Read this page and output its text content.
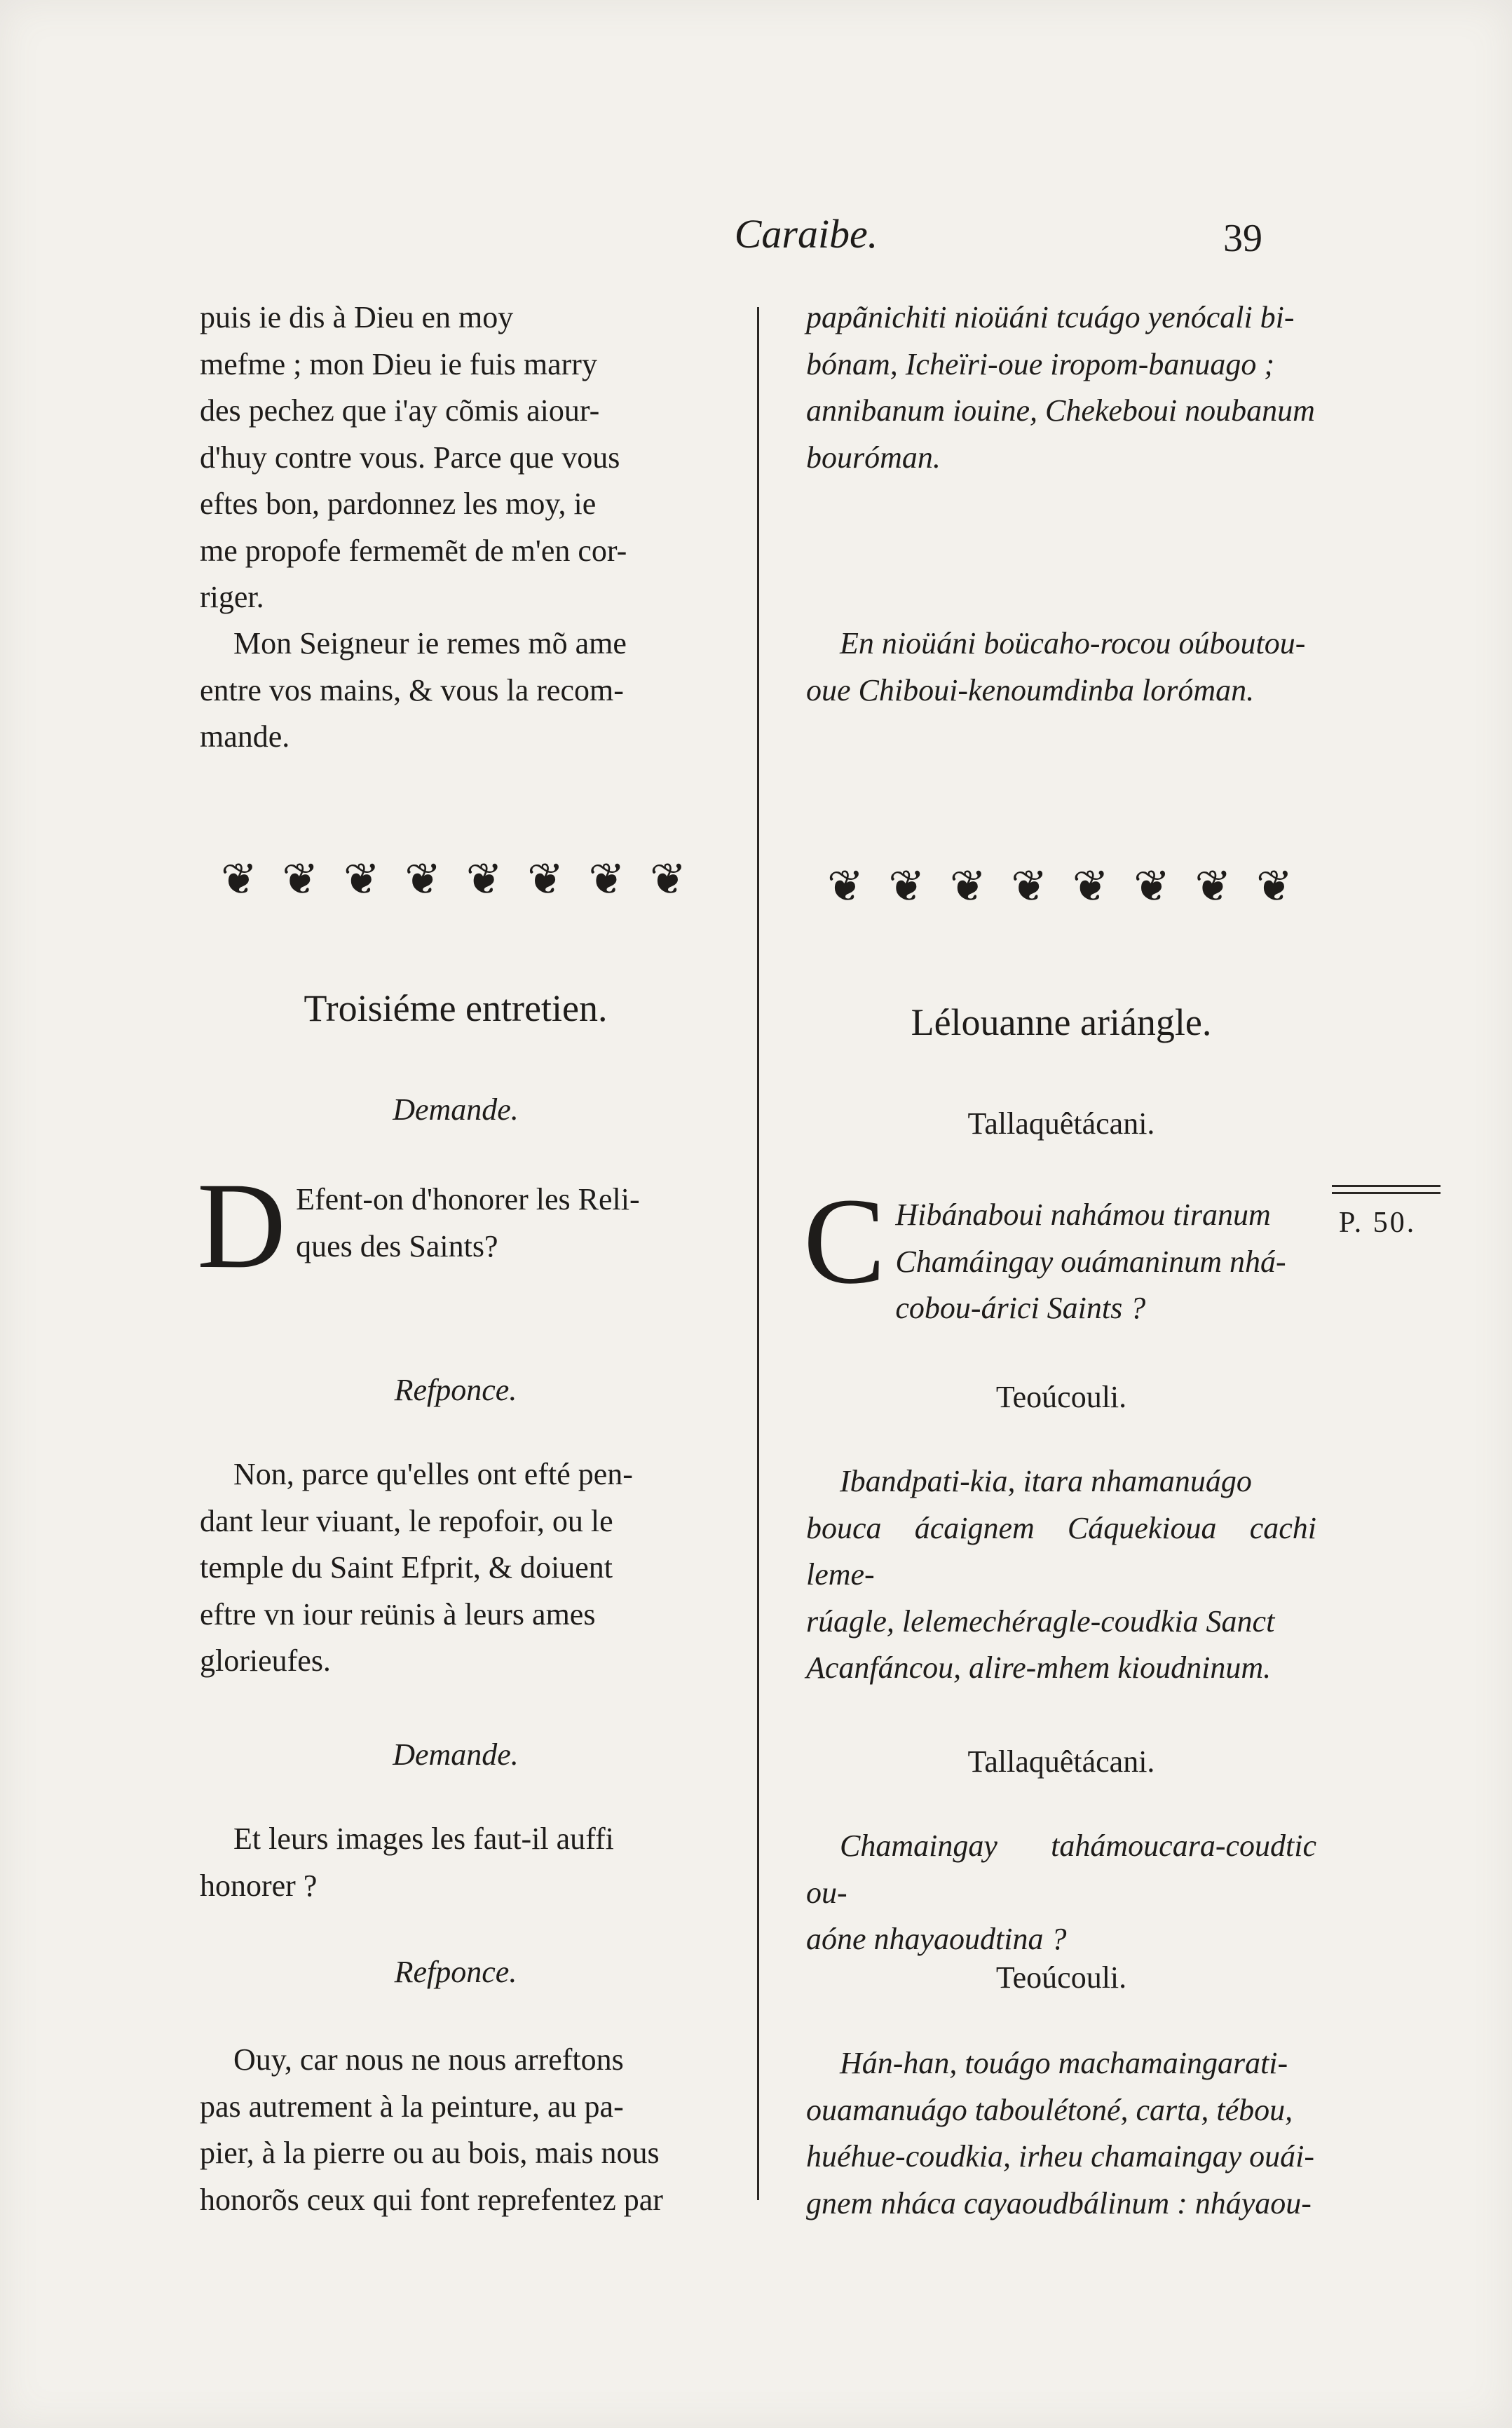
Caraibe.	39

puis ie dis à Dieu en moy

mefme ; mon Dieu ie fuis marry

des pechez que i'ay cõmis aiour-

d'huy contre vous. Parce que vous

eftes bon, pardonnez les moy, ie

me propofe fermemẽt de m'en cor-

riger.

Mon Seigneur ie remes mõ ame

entre vos mains, & vous la recom-

mande.

❦ ❦ ❦ ❦ ❦ ❦ ❦ ❦
Troisiéme entretien.
Demande.
D Efent-on d'honorer les Reli-

ques des Saints?

Refponce.

Non, parce qu'elles ont efté pen-

dant leur viuant, le repofoir, ou le

temple du Saint Efprit, & doiuent

eftre vn iour reünis à leurs ames

glorieufes.

Demande.

Et leurs images les faut-il auffi

honorer ?

Refponce.

Ouy, car nous ne nous arreftons

pas autrement à la peinture, au pa-

pier, à la pierre ou au bois, mais nous

honorõs ceux qui font reprefentez par

papãnichiti nioüáni tcuágo yenócali bi-

bónam, Icheïri-oue iropom-banuago ;

annibanum iouine, Chekeboui noubanum

bouróman.

En nioüáni boücaho-rocou oúboutou-

oue Chiboui-kenoumdinba loróman.

❦ ❦ ❦ ❦ ❦ ❦ ❦ ❦
Lélouanne ariángle.
Tallaquêtácani.
C Hibánaboui nahámou tiranum

Chamáingay ouámaninum nhá-

cobou-árici Saints ?

Teoúcouli.

Ibandpati-kia, itara nhamanuágo

bouca ácaignem Cáquekioua cachi leme-

rúagle, lelemechéragle-coudkia Sanct

Acanfáncou, alire-mhem kioudninum.

Tallaquêtácani.

Chamaingay tahámoucara-coudtic ou-

aóne nhayaoudtina ?

Teoúcouli.

Hán-han, touágo machamaingarati-

ouamanuágo taboulétoné, carta, tébou,

huéhue-coudkia, irheu chamaingay ouái-

gnem nháca cayaoudbálinum : nháyaou-

P. 50.
